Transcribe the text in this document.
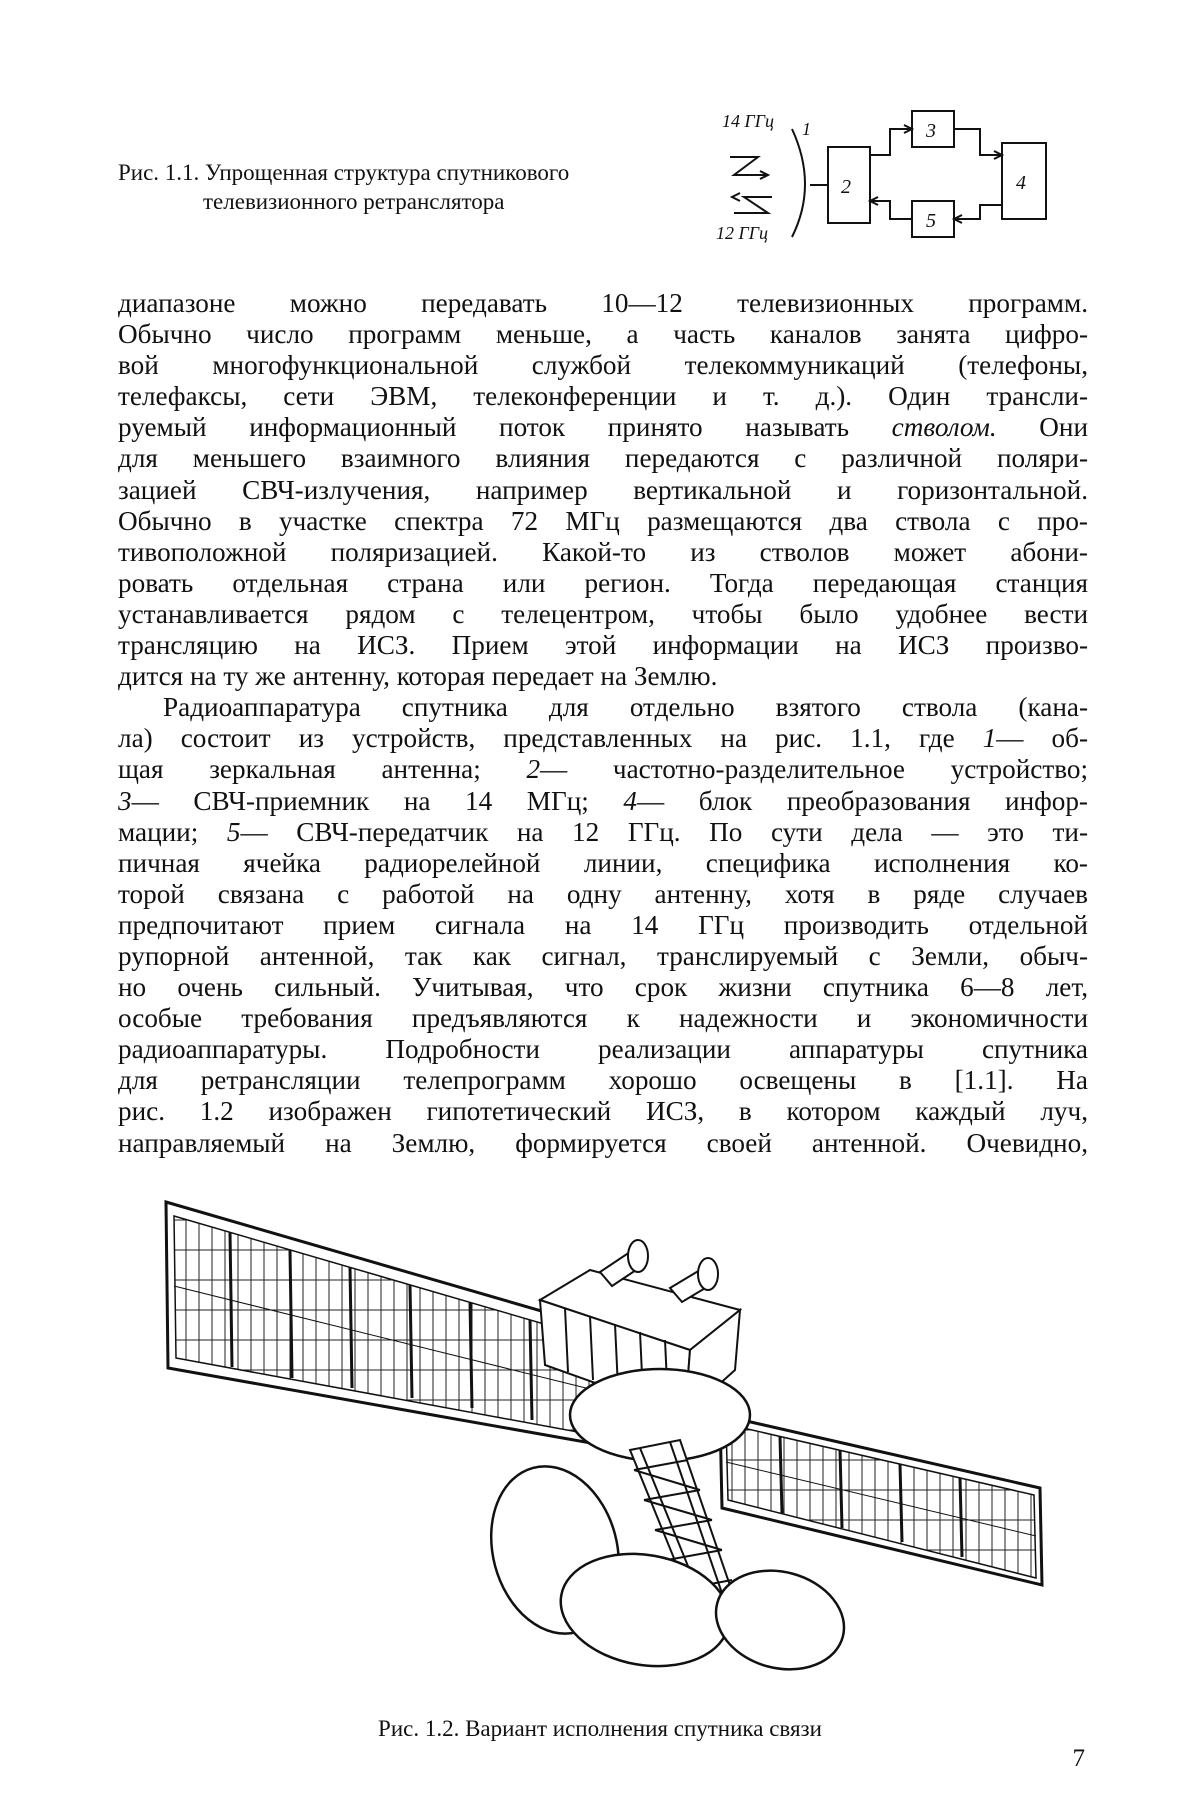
Рис. 1.1. Упрощенная структура спутникового
телевизионного ретранслятора
14 ГГц
12 ГГц
1
2
3
4
5
диапазоне можно передавать 10—12 телевизионных программ.
Обычно число программ меньше, а часть каналов занята цифро-
вой многофункциональной службой телекоммуникаций (телефоны,
телефаксы, сети ЭВМ, телеконференции и т. д.). Один трансли-
руемый информационный поток принято называть стволом. Они
для меньшего взаимного влияния передаются с различной поляри-
зацией СВЧ-излучения, например вертикальной и горизонтальной.
Обычно в участке спектра 72 МГц размещаются два ствола с про-
тивоположной поляризацией. Какой-то из стволов может абони-
ровать отдельная страна или регион. Тогда передающая станция
устанавливается рядом с телецентром, чтобы было удобнее вести
трансляцию на ИСЗ. Прием этой информации на ИСЗ произво-
дится на ту же антенну, которая передает на Землю.
Радиоаппаратура спутника для отдельно взятого ствола (кана-
ла) состоит из устройств, представленных на рис. 1.1, где 1— об-
щая зеркальная антенна; 2— частотно-разделительное устройство;
3— СВЧ-приемник на 14 МГц; 4— блок преобразования инфор-
мации; 5— СВЧ-передатчик на 12 ГГц. По сути дела — это ти-
пичная ячейка радиорелейной линии, специфика исполнения ко-
торой связана с работой на одну антенну, хотя в ряде случаев
предпочитают прием сигнала на 14 ГГц производить отдельной
рупорной антенной, так как сигнал, транслируемый с Земли, обыч-
но очень сильный. Учитывая, что срок жизни спутника 6—8 лет,
особые требования предъявляются к надежности и экономичности
радиоаппаратуры. Подробности реализации аппаратуры спутника
для ретрансляции телепрограмм хорошо освещены в [1.1]. На
рис. 1.2 изображен гипотетический ИСЗ, в котором каждый луч,
направляемый на Землю, формируется своей антенной. Очевидно,
Рис. 1.2. Вариант исполнения спутника связи
7
